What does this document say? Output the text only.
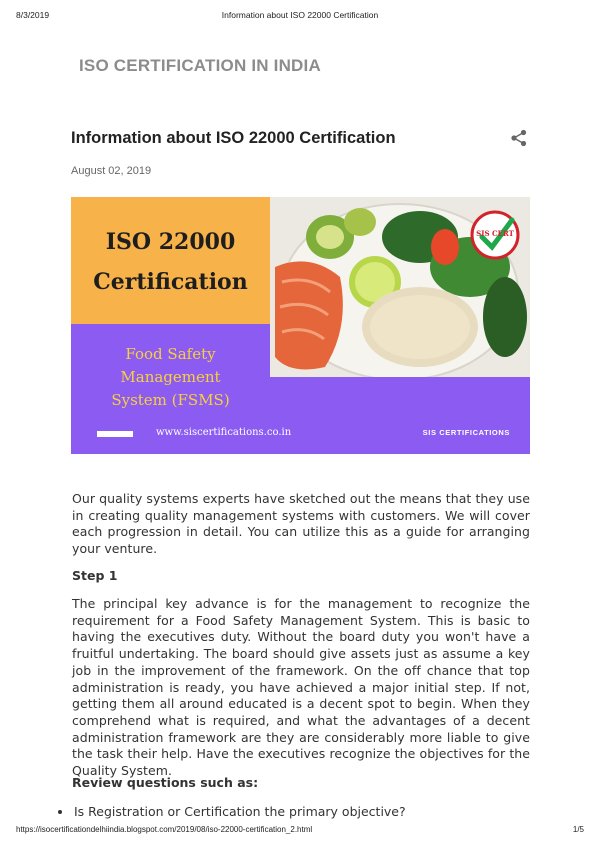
8/3/2019	Information about ISO 22000 Certification
ISO CERTIFICATION IN INDIA
Information about ISO 22000 Certification
August 02, 2019
SIS CERT
ISO 22000
Certification
Food Safety
Management
System (FSMS)
www.siscertifications.co.in	SIS CERTIFICATIONS

Our quality systems experts have sketched out the means that they use in creating quality management systems with customers. We will cover each progression in detail. You can utilize this as a guide for arranging your venture.

Step 1

The principal key advance is for the management to recognize the requirement for a Food Safety Management System. This is basic to having the executives duty. Without the board duty you won't have a fruitful undertaking. The board should give assets just as assume a key job in the improvement of the framework. On the off chance that top administration is ready, you have achieved a major initial step. If not, getting them all around educated is a decent spot to begin. When they comprehend what is required, and what the advantages of a decent administration framework are they are considerably more liable to give the task their help. Have the executives recognize the objectives for the Quality System.

Review questions such as:
Is Registration or Certification the primary objective?
https://isocertificationdelhiindia.blogspot.com/2019/08/iso-22000-certification_2.html	1/5
